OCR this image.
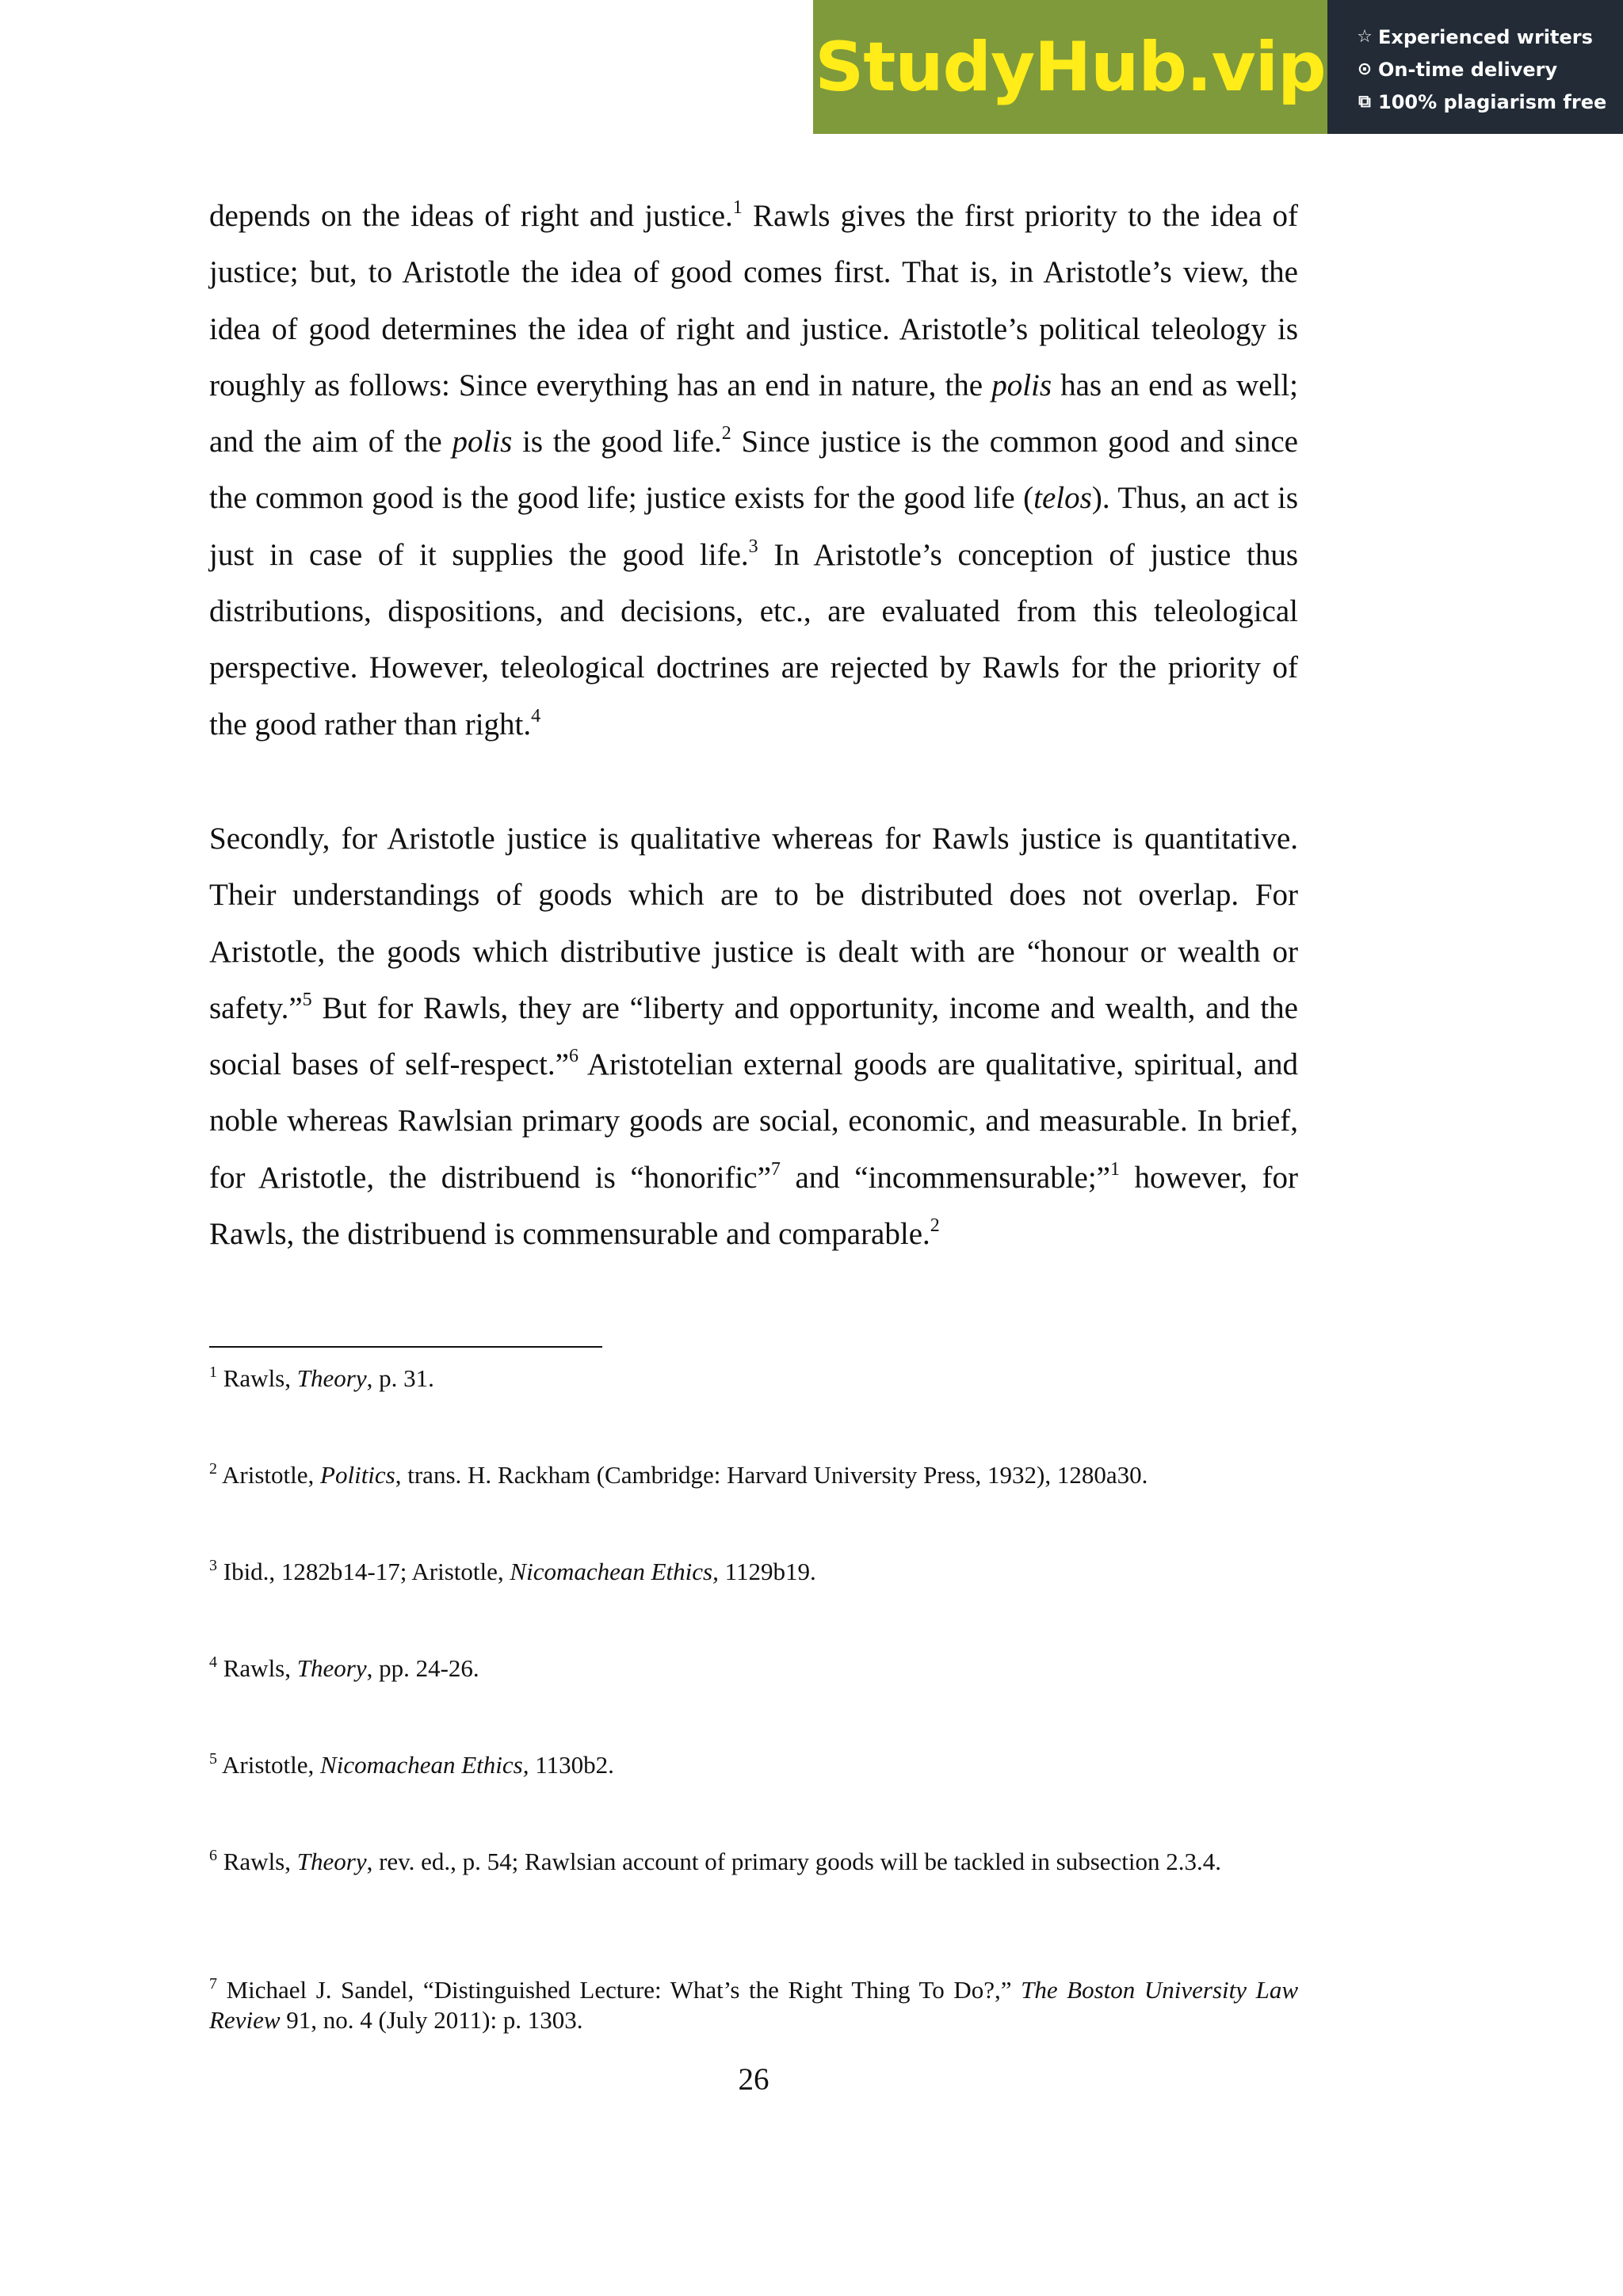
StudyHub.vip ☆ Experienced writers
⊙ On-time delivery
⧉ 100% plagiarism free

depends on the ideas of right and justice.$^1$ Rawls gives the first priority to the idea of justice; but, to Aristotle the idea of good comes first. That is, in Aristotle’s view, the idea of good determines the idea of right and justice. Aristotle’s political teleology is roughly as follows: Since everything has an end in nature, the polis has an end as well; and the aim of the polis is the good life.$^2$ Since justice is the common good and since the common good is the good life; justice exists for the good life (telos). Thus, an act is just in case of it supplies the good life.$^3$ In Aristotle’s conception of justice thus distributions, dispositions, and decisions, etc., are evaluated from this teleological perspective. However, teleological doctrines are rejected by Rawls for the priority of the good rather than right.$^4$

Secondly, for Aristotle justice is qualitative whereas for Rawls justice is quantitative. Their understandings of goods which are to be distributed does not overlap. For Aristotle, the goods which distributive justice is dealt with are “honour or wealth or safety.”$^5$ But for Rawls, they are “liberty and opportunity, income and wealth, and the social bases of self-respect.”$^6$ Aristotelian external goods are qualitative, spiritual, and noble whereas Rawlsian primary goods are social, economic, and measurable. In brief, for Aristotle, the distribuend is “honorific”$^7$ and “incommensurable;”$^1$ however, for Rawls, the distribuend is commensurable and comparable.$^2$

$^1$ Rawls, Theory, p. 31.

$^2$ Aristotle, Politics, trans. H. Rackham (Cambridge: Harvard University Press, 1932), 1280a30.

$^3$ Ibid., 1282b14-17; Aristotle, Nicomachean Ethics, 1129b19.

$^4$ Rawls, Theory, pp. 24-26.

$^5$ Aristotle, Nicomachean Ethics, 1130b2.

$^6$ Rawls, Theory, rev. ed., p. 54; Rawlsian account of primary goods will be tackled in subsection 2.3.4.

$^7$ Michael J. Sandel, “Distinguished Lecture: What’s the Right Thing To Do?,” The Boston University Law Review 91, no. 4 (July 2011): p. 1303.

26
